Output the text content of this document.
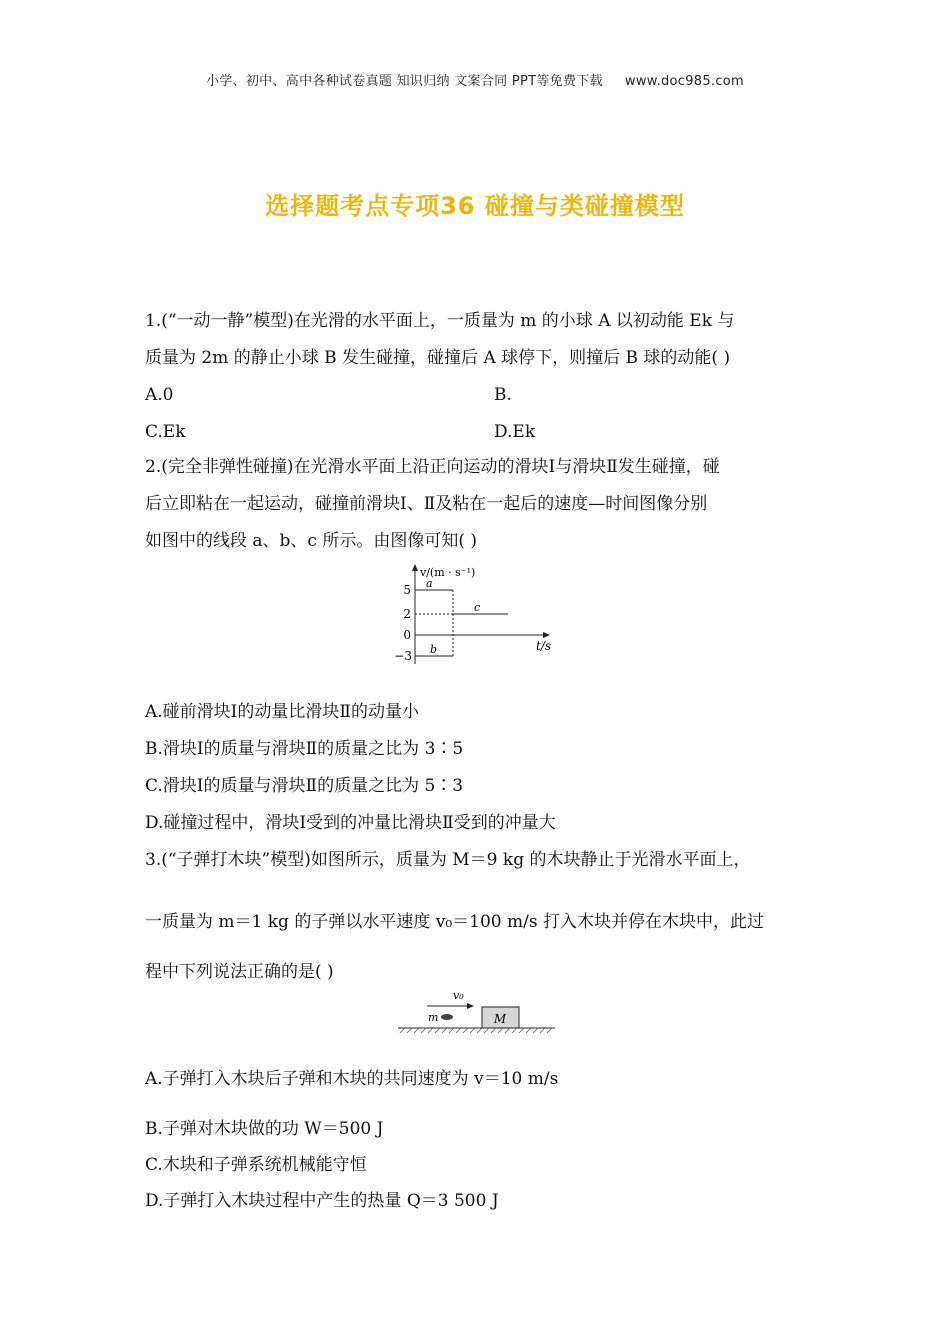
小学、初中、高中各种试卷真题 知识归纳 文案合同 PPT等免费下载 www.doc985.com
选择题考点专项36 碰撞与类碰撞模型
1.(“一动一静”模型)在光滑的水平面上，一质量为 m 的小球 A 以初动能 Ek 与
质量为 2m 的静止小球 B 发生碰撞，碰撞后 A 球停下，则撞后 B 球的动能( )
A.0	B.
C.Ek	D.Ek
2.(完全非弹性碰撞)在光滑水平面上沿正向运动的滑块Ⅰ与滑块Ⅱ发生碰撞，碰
后立即粘在一起运动，碰撞前滑块Ⅰ、Ⅱ及粘在一起后的速度—时间图像分别
如图中的线段 a、b、c 所示。由图像可知( )
v/(m · s⁻¹)
t/s
5
2
0
−3
a
b
c
A.碰前滑块Ⅰ的动量比滑块Ⅱ的动量小
B.滑块Ⅰ的质量与滑块Ⅱ的质量之比为 3∶5
C.滑块Ⅰ的质量与滑块Ⅱ的质量之比为 5∶3
D.碰撞过程中，滑块Ⅰ受到的冲量比滑块Ⅱ受到的冲量大
3.(“子弹打木块”模型)如图所示，质量为 M＝9 kg 的木块静止于光滑水平面上，
一质量为 m＝1 kg 的子弹以水平速度 v₀＝100 m/s 打入木块并停在木块中，此过
程中下列说法正确的是( )
v₀
m	M
A.子弹打入木块后子弹和木块的共同速度为 v＝10 m/s
B.子弹对木块做的功 W＝500 J
C.木块和子弹系统机械能守恒
D.子弹打入木块过程中产生的热量 Q＝3 500 J
